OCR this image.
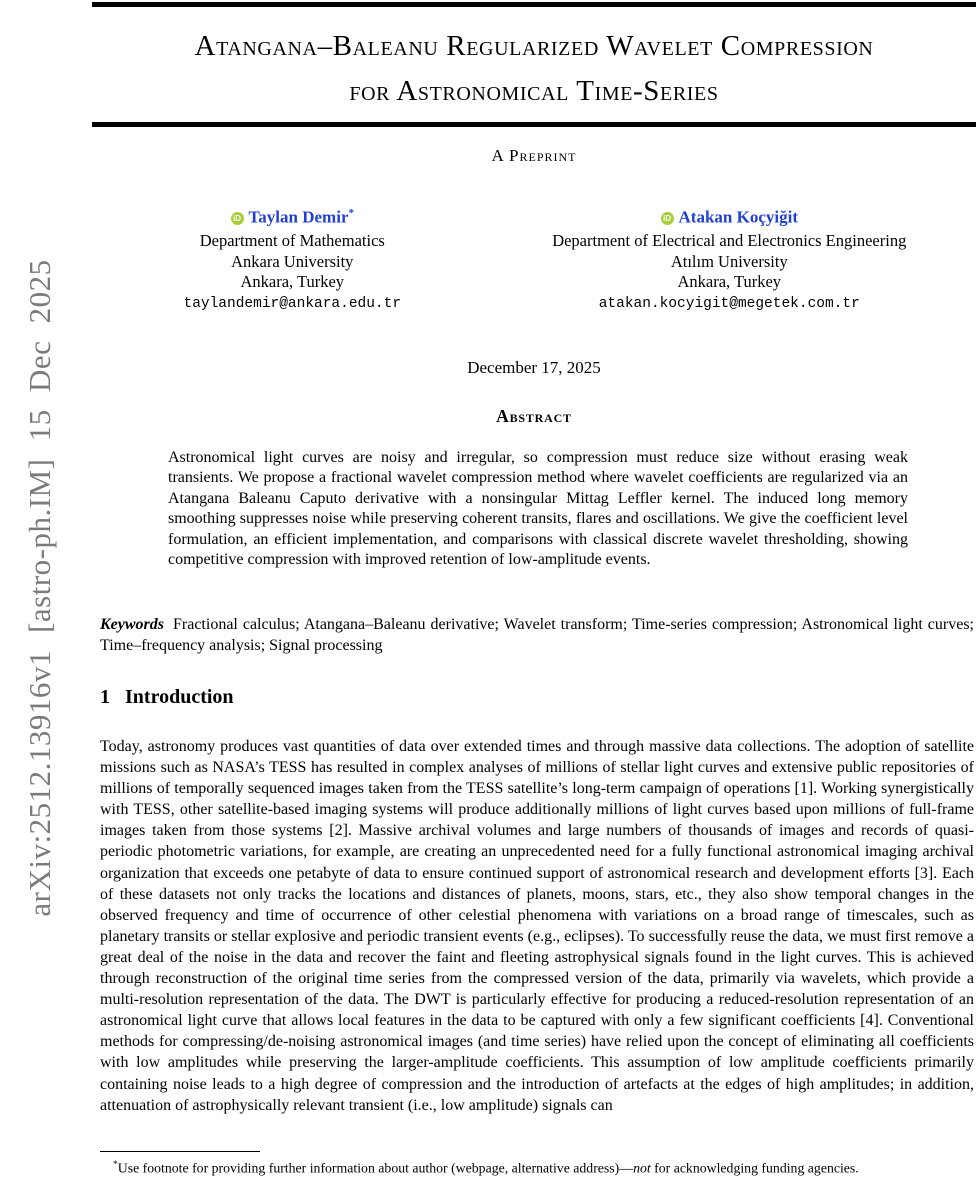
arXiv:2512.13916v1 [astro-ph.IM] 15 Dec 2025
Atangana–Baleanu Regularized Wavelet Compression
for Astronomical Time-Series
A Preprint
iD Taylan Demir*
Department of Mathematics
Ankara University
Ankara, Turkey
taylandemir@ankara.edu.tr
iD Atakan Koçyiğit
Department of Electrical and Electronics Engineering
Atılım University
Ankara, Turkey
atakan.kocyigit@megetek.com.tr
December 17, 2025
Abstract
Astronomical light curves are noisy and irregular, so compression must reduce size without erasing weak transients. We propose a fractional wavelet compression method where wavelet coefficients are regularized via an Atangana Baleanu Caputo derivative with a nonsingular Mittag Leffler kernel. The induced long memory smoothing suppresses noise while preserving coherent transits, flares and oscillations. We give the coefficient level formulation, an efficient implementation, and comparisons with classical discrete wavelet thresholding, showing competitive compression with improved retention of low-amplitude events.

Keywords Fractional calculus; Atangana–Baleanu derivative; Wavelet transform; Time-series compression; Astronomical light curves; Time–frequency analysis; Signal processing

1 Introduction
Today, astronomy produces vast quantities of data over extended times and through massive data collections. The adoption of satellite missions such as NASA’s TESS has resulted in complex analyses of millions of stellar light curves and extensive public repositories of millions of temporally sequenced images taken from the TESS satellite’s long-term campaign of operations [1]. Working synergistically with TESS, other satellite-based imaging systems will produce additionally millions of light curves based upon millions of full-frame images taken from those systems [2]. Massive archival volumes and large numbers of thousands of images and records of quasi-periodic photometric variations, for example, are creating an unprecedented need for a fully functional astronomical imaging archival organization that exceeds one petabyte of data to ensure continued support of astronomical research and development efforts [3]. Each of these datasets not only tracks the locations and distances of planets, moons, stars, etc., they also show temporal changes in the observed frequency and time of occurrence of other celestial phenomena with variations on a broad range of timescales, such as planetary transits or stellar explosive and periodic transient events (e.g., eclipses). To successfully reuse the data, we must first remove a great deal of the noise in the data and recover the faint and fleeting astrophysical signals found in the light curves. This is achieved through reconstruction of the original time series from the compressed version of the data, primarily via wavelets, which provide a multi-resolution representation of the data. The DWT is particularly effective for producing a reduced-resolution representation of an astronomical light curve that allows local features in the data to be captured with only a few significant coefficients [4]. Conventional methods for compressing/de-noising astronomical images (and time series) have relied upon the concept of eliminating all coefficients with low amplitudes while preserving the larger-amplitude coefficients. This assumption of low amplitude coefficients primarily containing noise leads to a high degree of compression and the introduction of artefacts at the edges of high amplitudes; in addition, attenuation of astrophysically relevant transient (i.e., low amplitude) signals can

*Use footnote for providing further information about author (webpage, alternative address)—not for acknowledging funding agencies.
